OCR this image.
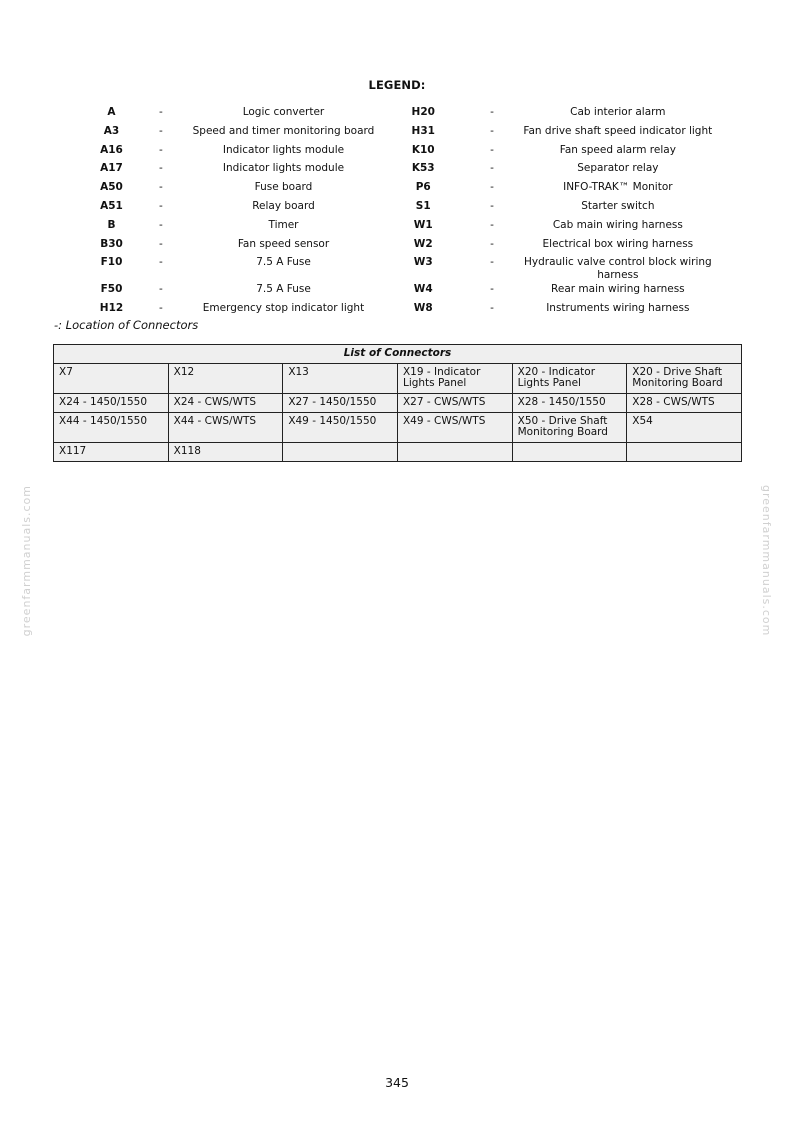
LEGEND:
A	-	Logic converter	H20	-	Cab interior alarm
A3	-	Speed and timer monitoring board	H31	-	Fan drive shaft speed indicator light
A16	-	Indicator lights module	K10	-	Fan speed alarm relay
A17	-	Indicator lights module	K53	-	Separator relay
A50	-	Fuse board	P6	-	INFO-TRAK™ Monitor
A51	-	Relay board	S1	-	Starter switch
B	-	Timer	W1	-	Cab main wiring harness
B30	-	Fan speed sensor	W2	-	Electrical box wiring harness
F10	-	7.5 A Fuse	W3	-	Hydraulic valve control block wiring harness
F50	-	7.5 A Fuse	W4	-	Rear main wiring harness
H12	-	Emergency stop indicator light	W8	-	Instruments wiring harness
-: Location of Connectors
List of Connectors					
X7	X12	X13	X19 - Indicator Lights Panel	X20 - Indicator Lights Panel	X20 - Drive Shaft Monitoring Board
X24 - 1450/1550	X24 - CWS/WTS	X27 - 1450/1550	X27 - CWS/WTS	X28 - 1450/1550	X28 - CWS/WTS
X44 - 1450/1550	X44 - CWS/WTS	X49 - 1450/1550	X49 - CWS/WTS	X50 - Drive Shaft Monitoring Board	X54
X117	X118				
greenfarmmanuals.com	greenfarmmanuals.com
345
